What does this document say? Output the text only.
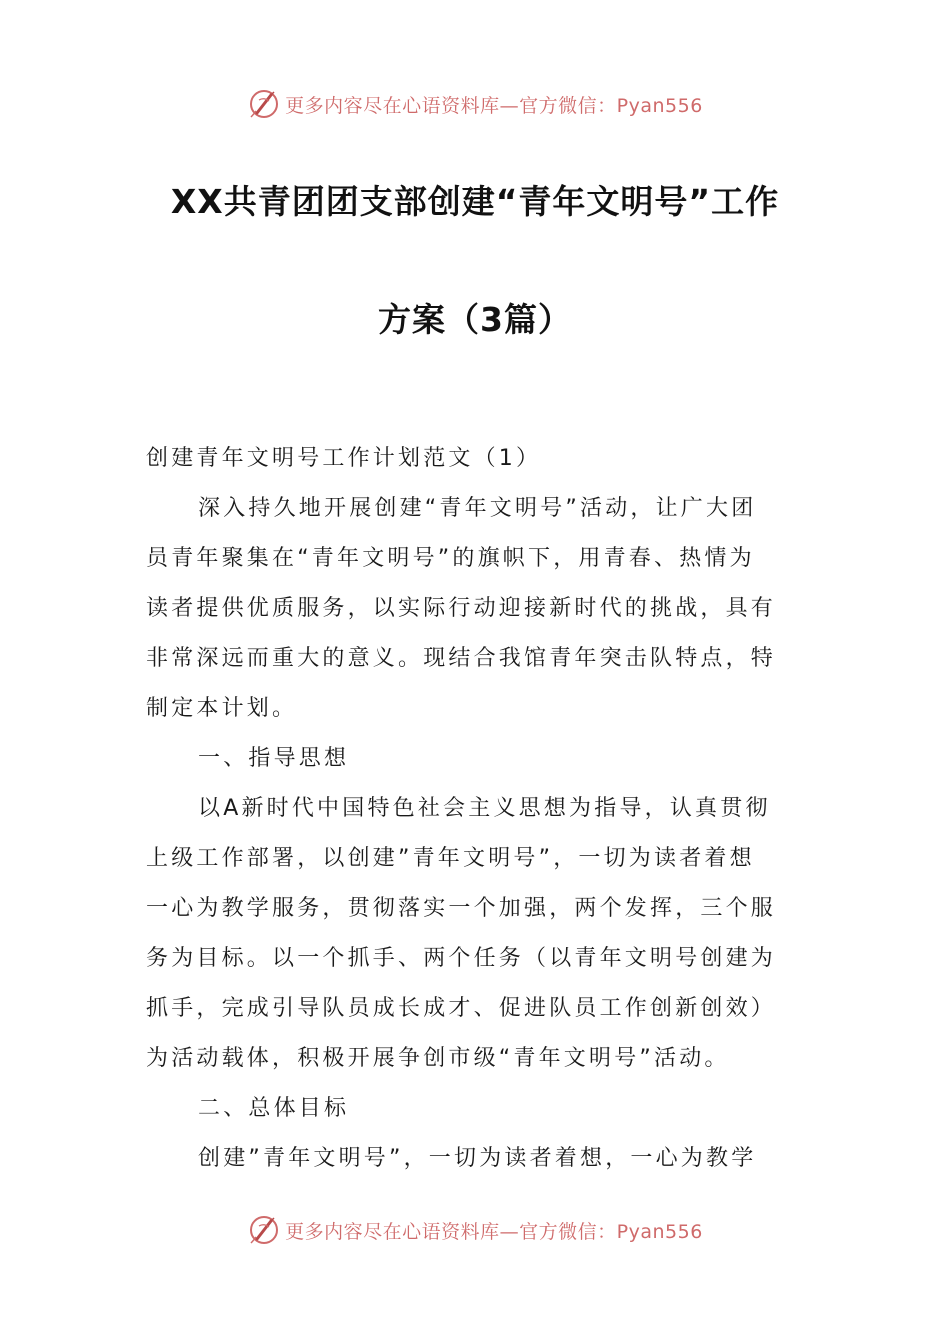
更多内容尽在心语资料库—官方微信：Pyan556
XX共青团团支部创建“青年文明号”工作
方案（3篇）
创建青年文明号工作计划范文（1）
深入持久地开展创建“青年文明号”活动，让广大团
员青年聚集在“青年文明号”的旗帜下，用青春、热情为
读者提供优质服务，以实际行动迎接新时代的挑战，具有
非常深远而重大的意义。现结合我馆青年突击队特点，特
制定本计划。
一、指导思想
以A新时代中国特色社会主义思想为指导，认真贯彻
上级工作部署，以创建”青年文明号”，一切为读者着想
一心为教学服务，贯彻落实一个加强，两个发挥，三个服
务为目标。以一个抓手、两个任务（以青年文明号创建为
抓手，完成引导队员成长成才、促进队员工作创新创效）
为活动载体，积极开展争创市级“青年文明号”活动。
二、总体目标
创建”青年文明号”，一切为读者着想，一心为教学
更多内容尽在心语资料库—官方微信：Pyan556
